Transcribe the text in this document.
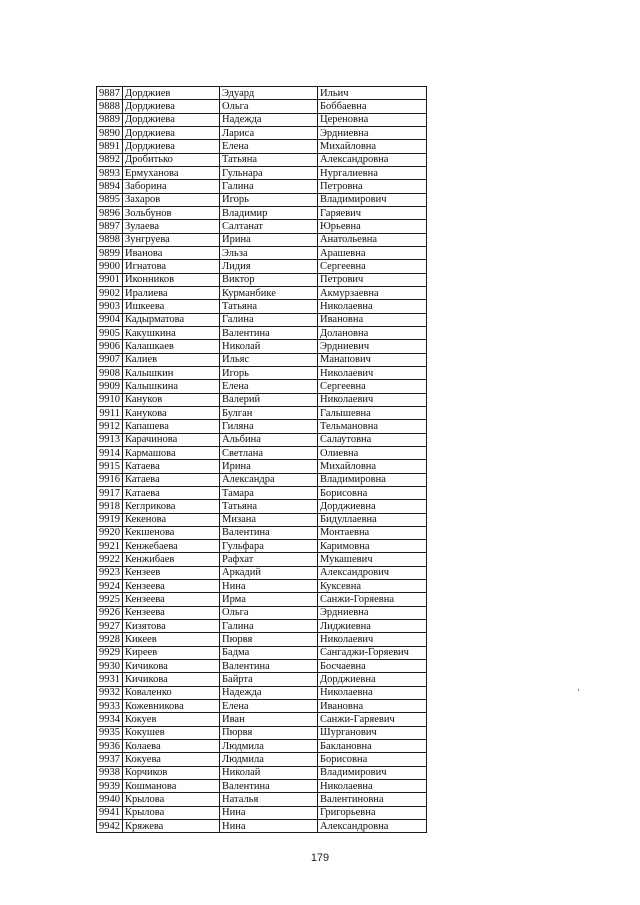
9887	Дорджиев	Эдуард	Ильич
9888	Дорджиева	Ольга	Боббаевна
9889	Дорджиева	Надежда	Цереновна
9890	Дорджиева	Лариса	Эрдниевна
9891	Дорджиева	Елена	Михайловна
9892	Дробитько	Татьяна	Александровна
9893	Ермуханова	Гульнара	Нургалиевна
9894	Заборина	Галина	Петровна
9895	Захаров	Игорь	Владимирович
9896	Зольбунов	Владимир	Гаряевич
9897	Зулаева	Салтанат	Юрьевна
9898	Зунгруева	Ирина	Анатольевна
9899	Иванова	Эльза	Арашевна
9900	Игнатова	Лидия	Сергеевна
9901	Иконников	Виктор	Петрович
9902	Иралиева	Курманбике	Акмурзаевна
9903	Ишкеева	Татьяна	Николаевна
9904	Кадырматова	Галина	Ивановна
9905	Какушкина	Валентина	Долановна
9906	Калашкаев	Николай	Эрдниевич
9907	Калиев	Ильяс	Манапович
9908	Калышкин	Игорь	Николаевич
9909	Калышкина	Елена	Сергеевна
9910	Кануков	Валерий	Николаевич
9911	Канукова	Булган	Галышевна
9912	Капашева	Гиляна	Тельмановна
9913	Карачинова	Альбина	Салаутовна
9914	Кармашова	Светлана	Олиевна
9915	Катаева	Ирина	Михайловна
9916	Катаева	Александра	Владимировна
9917	Катаева	Тамара	Борисовна
9918	Кеглрикова	Татьяна	Дорджиевна
9919	Кекенова	Мизана	Бидуллаевна
9920	Кекшенова	Валентина	Монтаевна
9921	Кенжебаева	Гульфара	Каримовна
9922	Кенжибаев	Рафхат	Мукашевич
9923	Кензеев	Аркадий	Александрович
9924	Кензеева	Нина	Куксевна
9925	Кензеева	Ирма	Санжи-Горяевна
9926	Кензеева	Ольга	Эрдниевна
9927	Кизятова	Галина	Лиджиевна
9928	Кикеев	Пюрвя	Николаевич
9929	Киреев	Бадма	Сангаджи-Горяевич
9930	Кичикова	Валентина	Босчаевна
9931	Кичикова	Байрта	Дорджиевна
9932	Коваленко	Надежда	Николаевна
9933	Кожевникова	Елена	Ивановна
9934	Кокуев	Иван	Санжи-Гаряевич
9935	Кокушев	Пюрвя	Шурганович
9936	Колаева	Людмила	Баклановна
9937	Кокуева	Людмила	Борисовна
9938	Корчиков	Николай	Владимирович
9939	Кошманова	Валентина	Николаевна
9940	Крылова	Наталья	Валентиновна
9941	Крылова	Нина	Григорьевна
9942	Кряжева	Нина	Александровна
179
